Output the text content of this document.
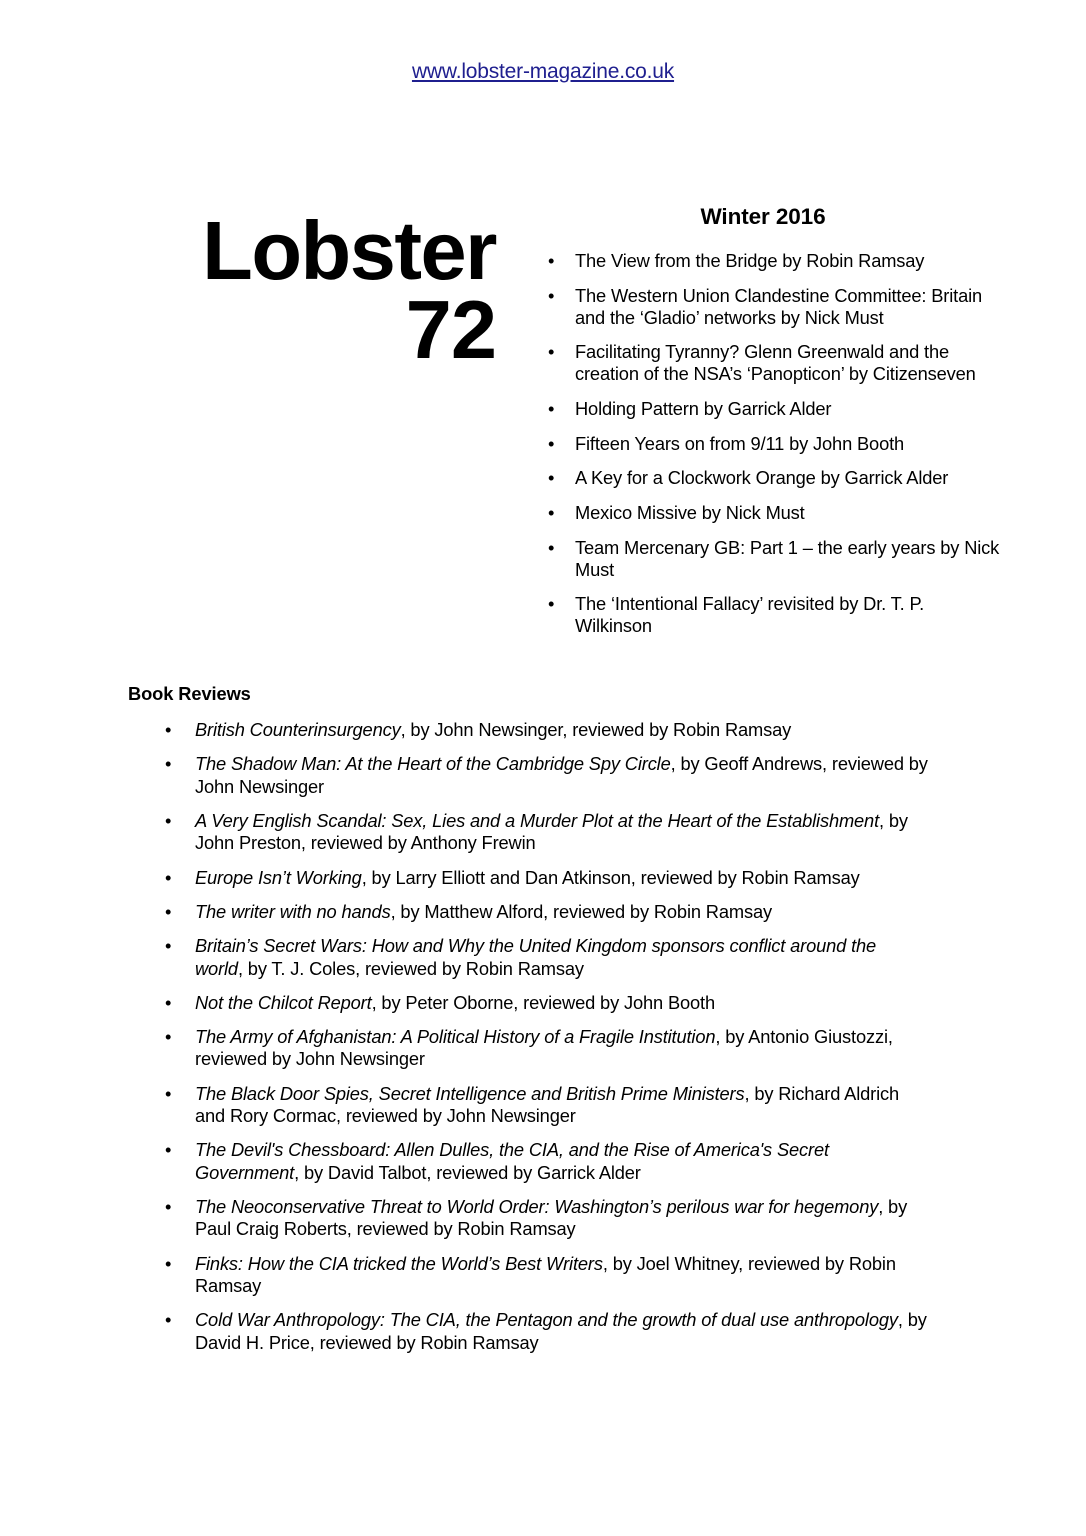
www.lobster-magazine.co.uk
Lobster
72
Winter 2016
• The View from the Bridge by Robin Ramsay
• The Western Union Clandestine Committee: Britain and the ‘Gladio’ networks by Nick Must
• Facilitating Tyranny? Glenn Greenwald and the creation of the NSA’s ‘Panopticon’ by Citizenseven
• Holding Pattern by Garrick Alder
• Fifteen Years on from 9/11 by John Booth
• A Key for a Clockwork Orange by Garrick Alder
• Mexico Missive by Nick Must
• Team Mercenary GB: Part 1 – the early years by Nick Must
• The ‘Intentional Fallacy’ revisited by Dr. T. P. Wilkinson
Book Reviews
• British Counterinsurgency, by John Newsinger, reviewed by Robin Ramsay
• The Shadow Man: At the Heart of the Cambridge Spy Circle, by Geoff Andrews, reviewed by John Newsinger
• A Very English Scandal: Sex, Lies and a Murder Plot at the Heart of the Establishment, by John Preston, reviewed by Anthony Frewin
• Europe Isn’t Working, by Larry Elliott and Dan Atkinson, reviewed by Robin Ramsay
• The writer with no hands, by Matthew Alford, reviewed by Robin Ramsay
• Britain’s Secret Wars: How and Why the United Kingdom sponsors conflict around the world, by T. J. Coles, reviewed by Robin Ramsay
• Not the Chilcot Report, by Peter Oborne, reviewed by John Booth
• The Army of Afghanistan: A Political History of a Fragile Institution, by Antonio Giustozzi, reviewed by John Newsinger
• The Black Door Spies, Secret Intelligence and British Prime Ministers, by Richard Aldrich and Rory Cormac, reviewed by John Newsinger
• The Devil's Chessboard: Allen Dulles, the CIA, and the Rise of America's Secret Government, by David Talbot, reviewed by Garrick Alder
• The Neoconservative Threat to World Order: Washington’s perilous war for hegemony, by Paul Craig Roberts, reviewed by Robin Ramsay
• Finks: How the CIA tricked the World’s Best Writers, by Joel Whitney, reviewed by Robin Ramsay
• Cold War Anthropology: The CIA, the Pentagon and the growth of dual use anthropology, by David H. Price, reviewed by Robin Ramsay
